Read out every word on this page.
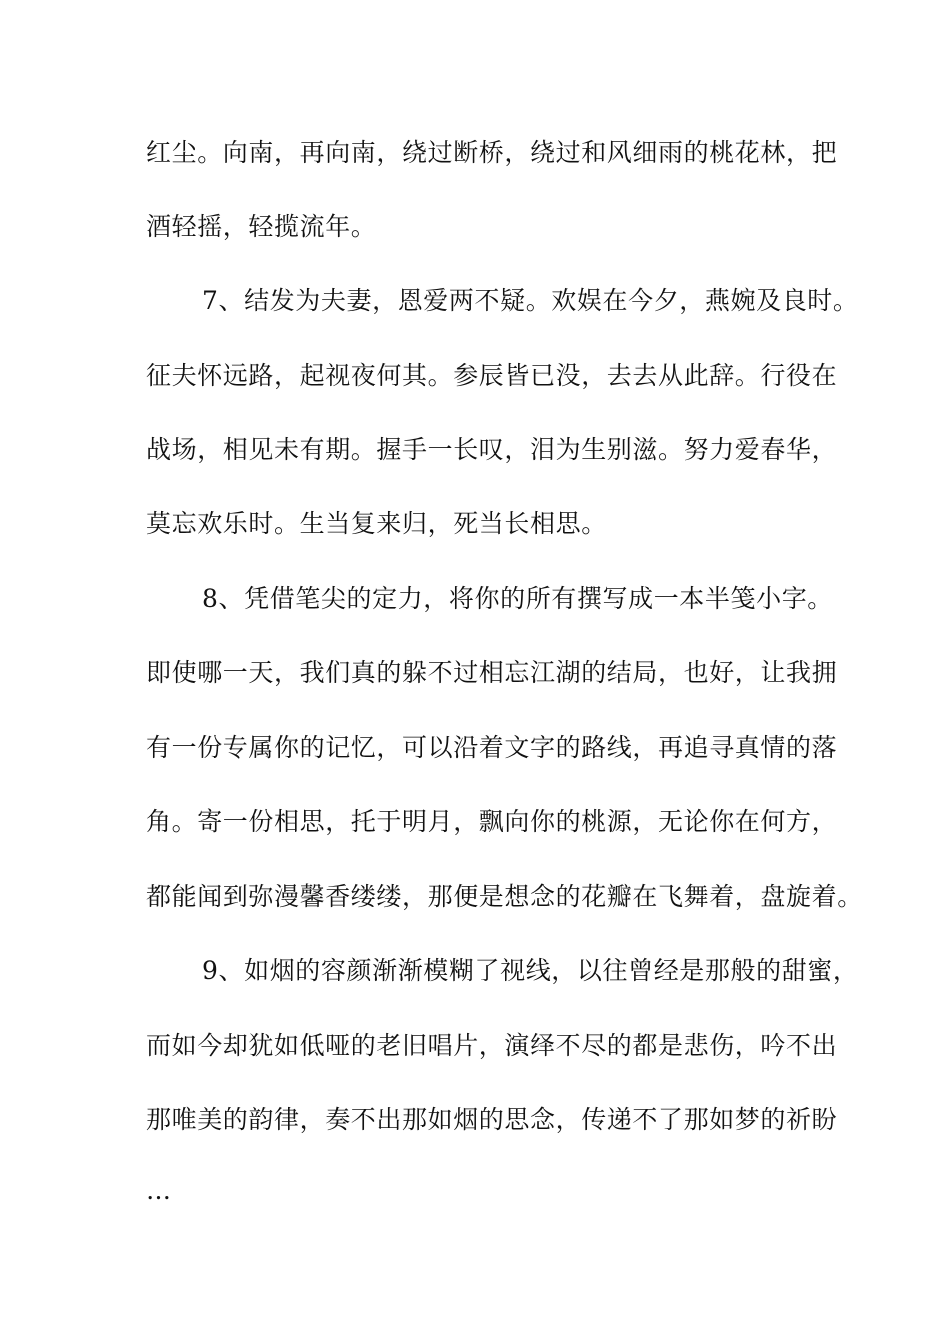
红尘。向南，再向南，绕过断桥，绕过和风细雨的桃花林，把
酒轻摇，轻揽流年。
7、结发为夫妻，恩爱两不疑。欢娱在今夕，燕婉及良时。
征夫怀远路，起视夜何其。参辰皆已没，去去从此辞。行役在
战场，相见未有期。握手一长叹，泪为生别滋。努力爱春华，
莫忘欢乐时。生当复来归，死当长相思。
8、凭借笔尖的定力，将你的所有撰写成一本半笺小字。
即使哪一天，我们真的躲不过相忘江湖的结局，也好，让我拥
有一份专属你的记忆，可以沿着文字的路线，再追寻真情的落
角。寄一份相思，托于明月，飘向你的桃源，无论你在何方，
都能闻到弥漫馨香缕缕，那便是想念的花瓣在飞舞着，盘旋着。
9、如烟的容颜渐渐模糊了视线，以往曾经是那般的甜蜜，
而如今却犹如低哑的老旧唱片，演绎不尽的都是悲伤，吟不出
那唯美的韵律，奏不出那如烟的思念，传递不了那如梦的祈盼
…
